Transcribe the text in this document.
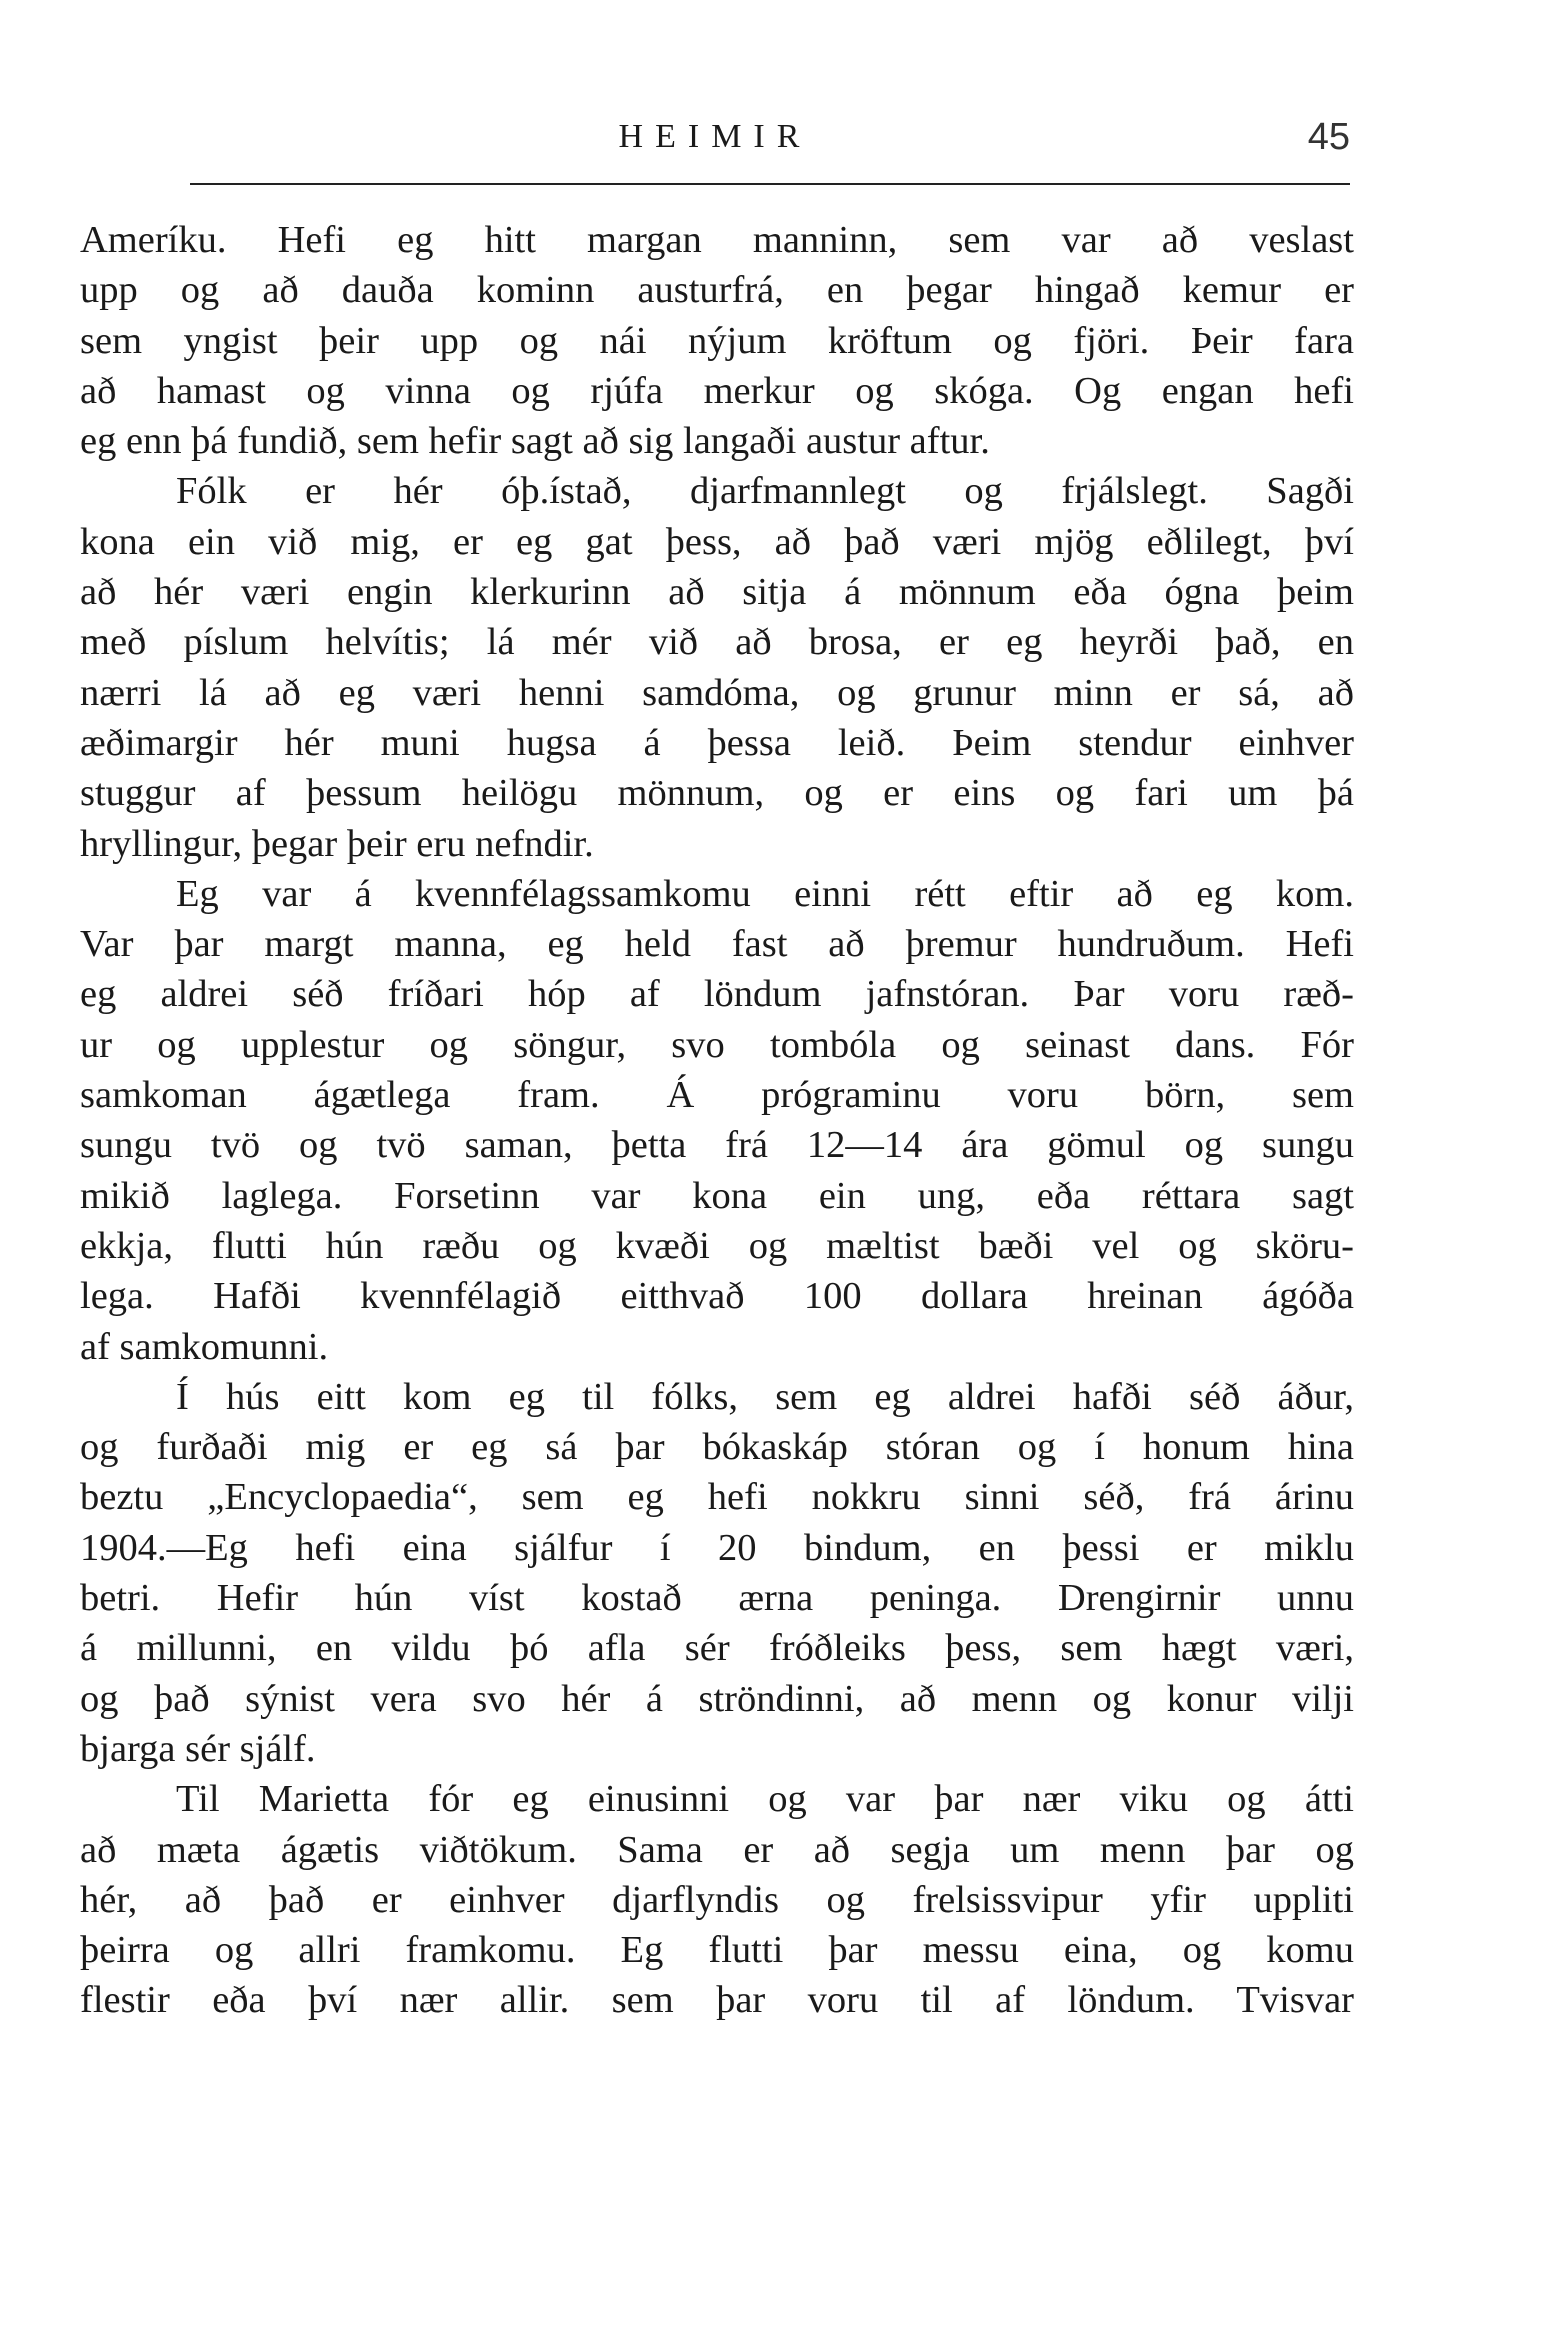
HEIMIR	45
Ameríku. Hefi eg hitt margan manninn, sem var að veslast
upp og að dauða kominn austurfrá, en þegar hingað kemur er
sem yngist þeir upp og nái nýjum kröftum og fjöri. Þeir fara
að hamast og vinna og rjúfa merkur og skóga. Og engan hefi
eg enn þá fundið, sem hefir sagt að sig langaði austur aftur.
Fólk er hér óþ.ístað, djarfmannlegt og frjálslegt. Sagði
kona ein við mig, er eg gat þess, að það væri mjög eðlilegt, því
að hér væri engin klerkurinn að sitja á mönnum eða ógna þeim
með píslum helvítis; lá mér við að brosa, er eg heyrði það, en
nærri lá að eg væri henni samdóma, og grunur minn er sá, að
æðimargir hér muni hugsa á þessa leið. Þeim stendur einhver
stuggur af þessum heilögu mönnum, og er eins og fari um þá
hryllingur, þegar þeir eru nefndir.
Eg var á kvennfélagssamkomu einni rétt eftir að eg kom.
Var þar margt manna, eg held fast að þremur hundruðum. Hefi
eg aldrei séð fríðari hóp af löndum jafnstóran. Þar voru ræð-
ur og upplestur og söngur, svo tombóla og seinast dans. Fór
samkoman ágætlega fram. Á prógraminu voru börn, sem
sungu tvö og tvö saman, þetta frá 12—14 ára gömul og sungu
mikið laglega. Forsetinn var kona ein ung, eða réttara sagt
ekkja, flutti hún ræðu og kvæði og mæltist bæði vel og sköru-
lega. Hafði kvennfélagið eitthvað 100 dollara hreinan ágóða
af samkomunni.
Í hús eitt kom eg til fólks, sem eg aldrei hafði séð áður,
og furðaði mig er eg sá þar bókaskáp stóran og í honum hina
beztu „Encyclopaedia“, sem eg hefi nokkru sinni séð, frá árinu
1904.—Eg hefi eina sjálfur í 20 bindum, en þessi er miklu
betri. Hefir hún víst kostað ærna peninga. Drengirnir unnu
á millunni, en vildu þó afla sér fróðleiks þess, sem hægt væri,
og það sýnist vera svo hér á ströndinni, að menn og konur vilji
bjarga sér sjálf.
Til Marietta fór eg einusinni og var þar nær viku og átti
að mæta ágætis viðtökum. Sama er að segja um menn þar og
hér, að það er einhver djarflyndis og frelsissvipur yfir uppliti
þeirra og allri framkomu. Eg flutti þar messu eina, og komu
flestir eða því nær allir. sem þar voru til af löndum. Tvisvar
